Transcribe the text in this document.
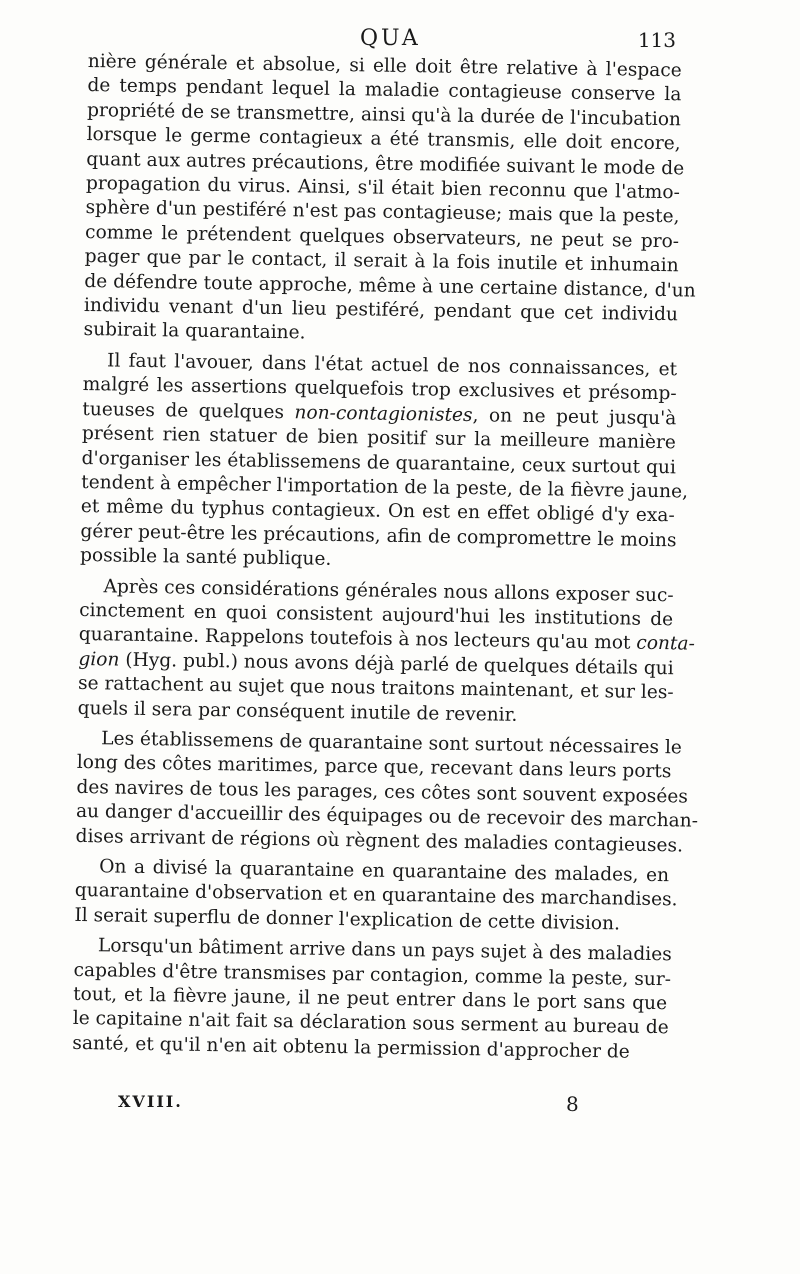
QUA	113

nière générale et absolue, si elle doit être relative à l'espace
de temps pendant lequel la maladie contagieuse conserve la
propriété de se transmettre, ainsi qu'à la durée de l'incubation
lorsque le germe contagieux a été transmis, elle doit encore,
quant aux autres précautions, être modifiée suivant le mode de
propagation du virus. Ainsi, s'il était bien reconnu que l'atmo-
sphère d'un pestiféré n'est pas contagieuse; mais que la peste,
comme le prétendent quelques observateurs, ne peut se pro-
pager que par le contact, il serait à la fois inutile et inhumain
de défendre toute approche, même à une certaine distance, d'un
individu venant d'un lieu pestiféré, pendant que cet individu
subirait la quarantaine.

Il faut l'avouer, dans l'état actuel de nos connaissances, et
malgré les assertions quelquefois trop exclusives et présomp-
tueuses de quelques non-contagionistes, on ne peut jusqu'à
présent rien statuer de bien positif sur la meilleure manière
d'organiser les établissemens de quarantaine, ceux surtout qui
tendent à empêcher l'importation de la peste, de la fièvre jaune,
et même du typhus contagieux. On est en effet obligé d'y exa-
gérer peut-être les précautions, afin de compromettre le moins
possible la santé publique.

Après ces considérations générales nous allons exposer suc-
cinctement en quoi consistent aujourd'hui les institutions de
quarantaine. Rappelons toutefois à nos lecteurs qu'au mot conta-
gion (Hyg. publ.) nous avons déjà parlé de quelques détails qui
se rattachent au sujet que nous traitons maintenant, et sur les-
quels il sera par conséquent inutile de revenir.

Les établissemens de quarantaine sont surtout nécessaires le
long des côtes maritimes, parce que, recevant dans leurs ports
des navires de tous les parages, ces côtes sont souvent exposées
au danger d'accueillir des équipages ou de recevoir des marchan-
dises arrivant de régions où règnent des maladies contagieuses.

On a divisé la quarantaine en quarantaine des malades, en
quarantaine d'observation et en quarantaine des marchandises.
Il serait superflu de donner l'explication de cette division.

Lorsqu'un bâtiment arrive dans un pays sujet à des maladies
capables d'être transmises par contagion, comme la peste, sur-
tout, et la fièvre jaune, il ne peut entrer dans le port sans que
le capitaine n'ait fait sa déclaration sous serment au bureau de
santé, et qu'il n'en ait obtenu la permission d'approcher de

XVIII.	8
